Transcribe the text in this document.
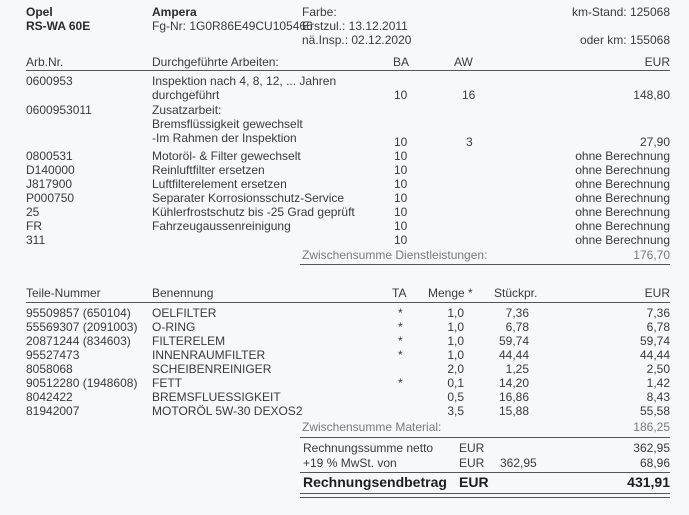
Opel
RS-WA 60E
Ampera
Fg-Nr: 1G0R86E49CU105466
Farbe:
Erstzul.: 13.12.2011
nä.Insp.: 02.12.2020
km-Stand: 125068
oder km: 155068
Arb.Nr.	Durchgeführte Arbeiten:	BA	AW	EUR
0600953	Inspektion nach 4, 8, 12, ... Jahren
durchgeführt	10	16	148,80
0600953011	Zusatzarbeit:
Bremsflüssigkeit gewechselt
-Im Rahmen der Inspektion	10	3	27,90
0800531	Motoröl- & Filter gewechselt	10	ohne Berechnung
D140000	Reinluftfilter ersetzen	10	ohne Berechnung
J817900	Luftfilterelement ersetzen	10	ohne Berechnung
P000750	Separater Korrosionsschutz-Service	10	ohne Berechnung
25	Kühlerfrostschutz bis -25 Grad geprüft	10	ohne Berechnung
FR	Fahrzeugaussenreinigung	10	ohne Berechnung
311	10	ohne Berechnung
Zwischensumme Dienstleistungen:	176,70
Teile-Nummer	Benennung	TA Menge * Stückpr.	EUR
95509857 (650104) OELFILTER	*	1,0	7,36	7,36
55569307 (2091003) O-RING	*	1,0	6,78	6,78
20871244 (834603) FILTERELEM	*	1,0	59,74	59,74
95527473	INNENRAUMFILTER	*	1,0	44,44	44,44
8058068	SCHEIBENREINIGER	2,0	1,25	2,50
90512280 (1948608) FETT	*	0,1	14,20	1,42
8042422	BREMSFLUESSIGKEIT	0,5	16,86	8,43
81942007	MOTORÖL 5W-30 DEXOS2	3,5	15,88	55,58
Zwischensumme Material:	186,25
Rechnungssumme netto EUR	362,95
+19 % MwSt. von	EUR 362,95	68,96
Rechnungsendbetrag EUR	431,91
